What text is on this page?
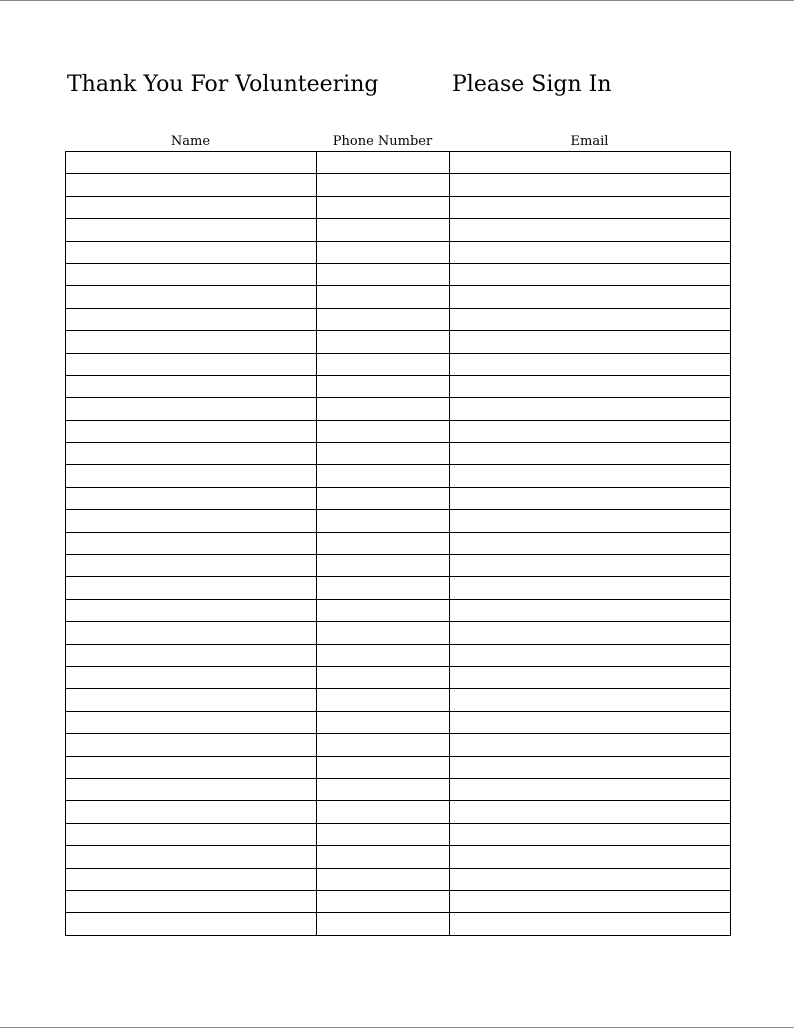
Thank You For Volunteering	Please Sign In
Name	Phone Number	Email
